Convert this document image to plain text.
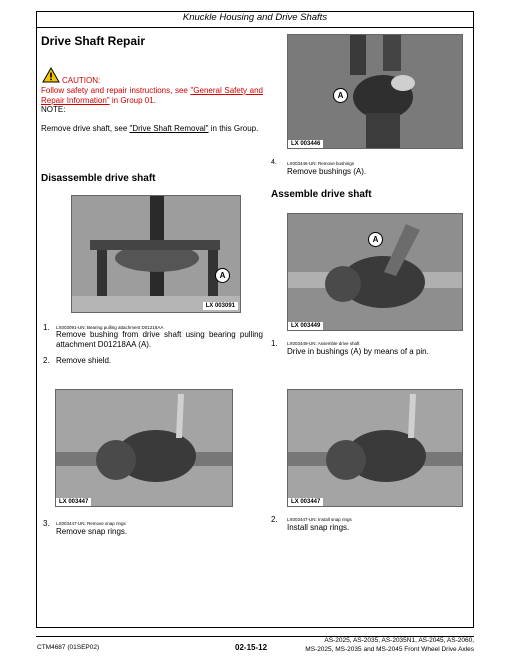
Knuckle Housing and Drive Shafts
Drive Shaft Repair
CAUTION:
Follow safety and repair instructions, see "General Safety and Repair Information" in Group 01.
NOTE:
Remove drive shaft, see "Drive Shaft Removal" in this Group.
Disassemble drive shaft
Assemble drive shaft
A
LX 003446
4. LX003446-UN: Remove bushings
Remove bushings (A).
A
LX 003091
1. LX003091-UN: Bearing pulling attachment D01218AA
Remove bushing from drive shaft using bearing pulling attachment D01218AA (A).
2. Remove shield.
A
LX 003449
1. LX003449-UN: Assemble drive shaft
Drive in bushings (A) by means of a pin.
LX 003447
3. LX003447-UN: Remove snap rings
Remove snap rings.
LX 003447
2. LX003447-UN: Install snap rings
Install snap rings.
CTM4687 (01SEP02)	02-15-12
AS-2025, AS-2035, AS-2035N1, AS-2045, AS-2060,
MS-2025, MS-2035 and MS-2045 Front Wheel Drive Axles
